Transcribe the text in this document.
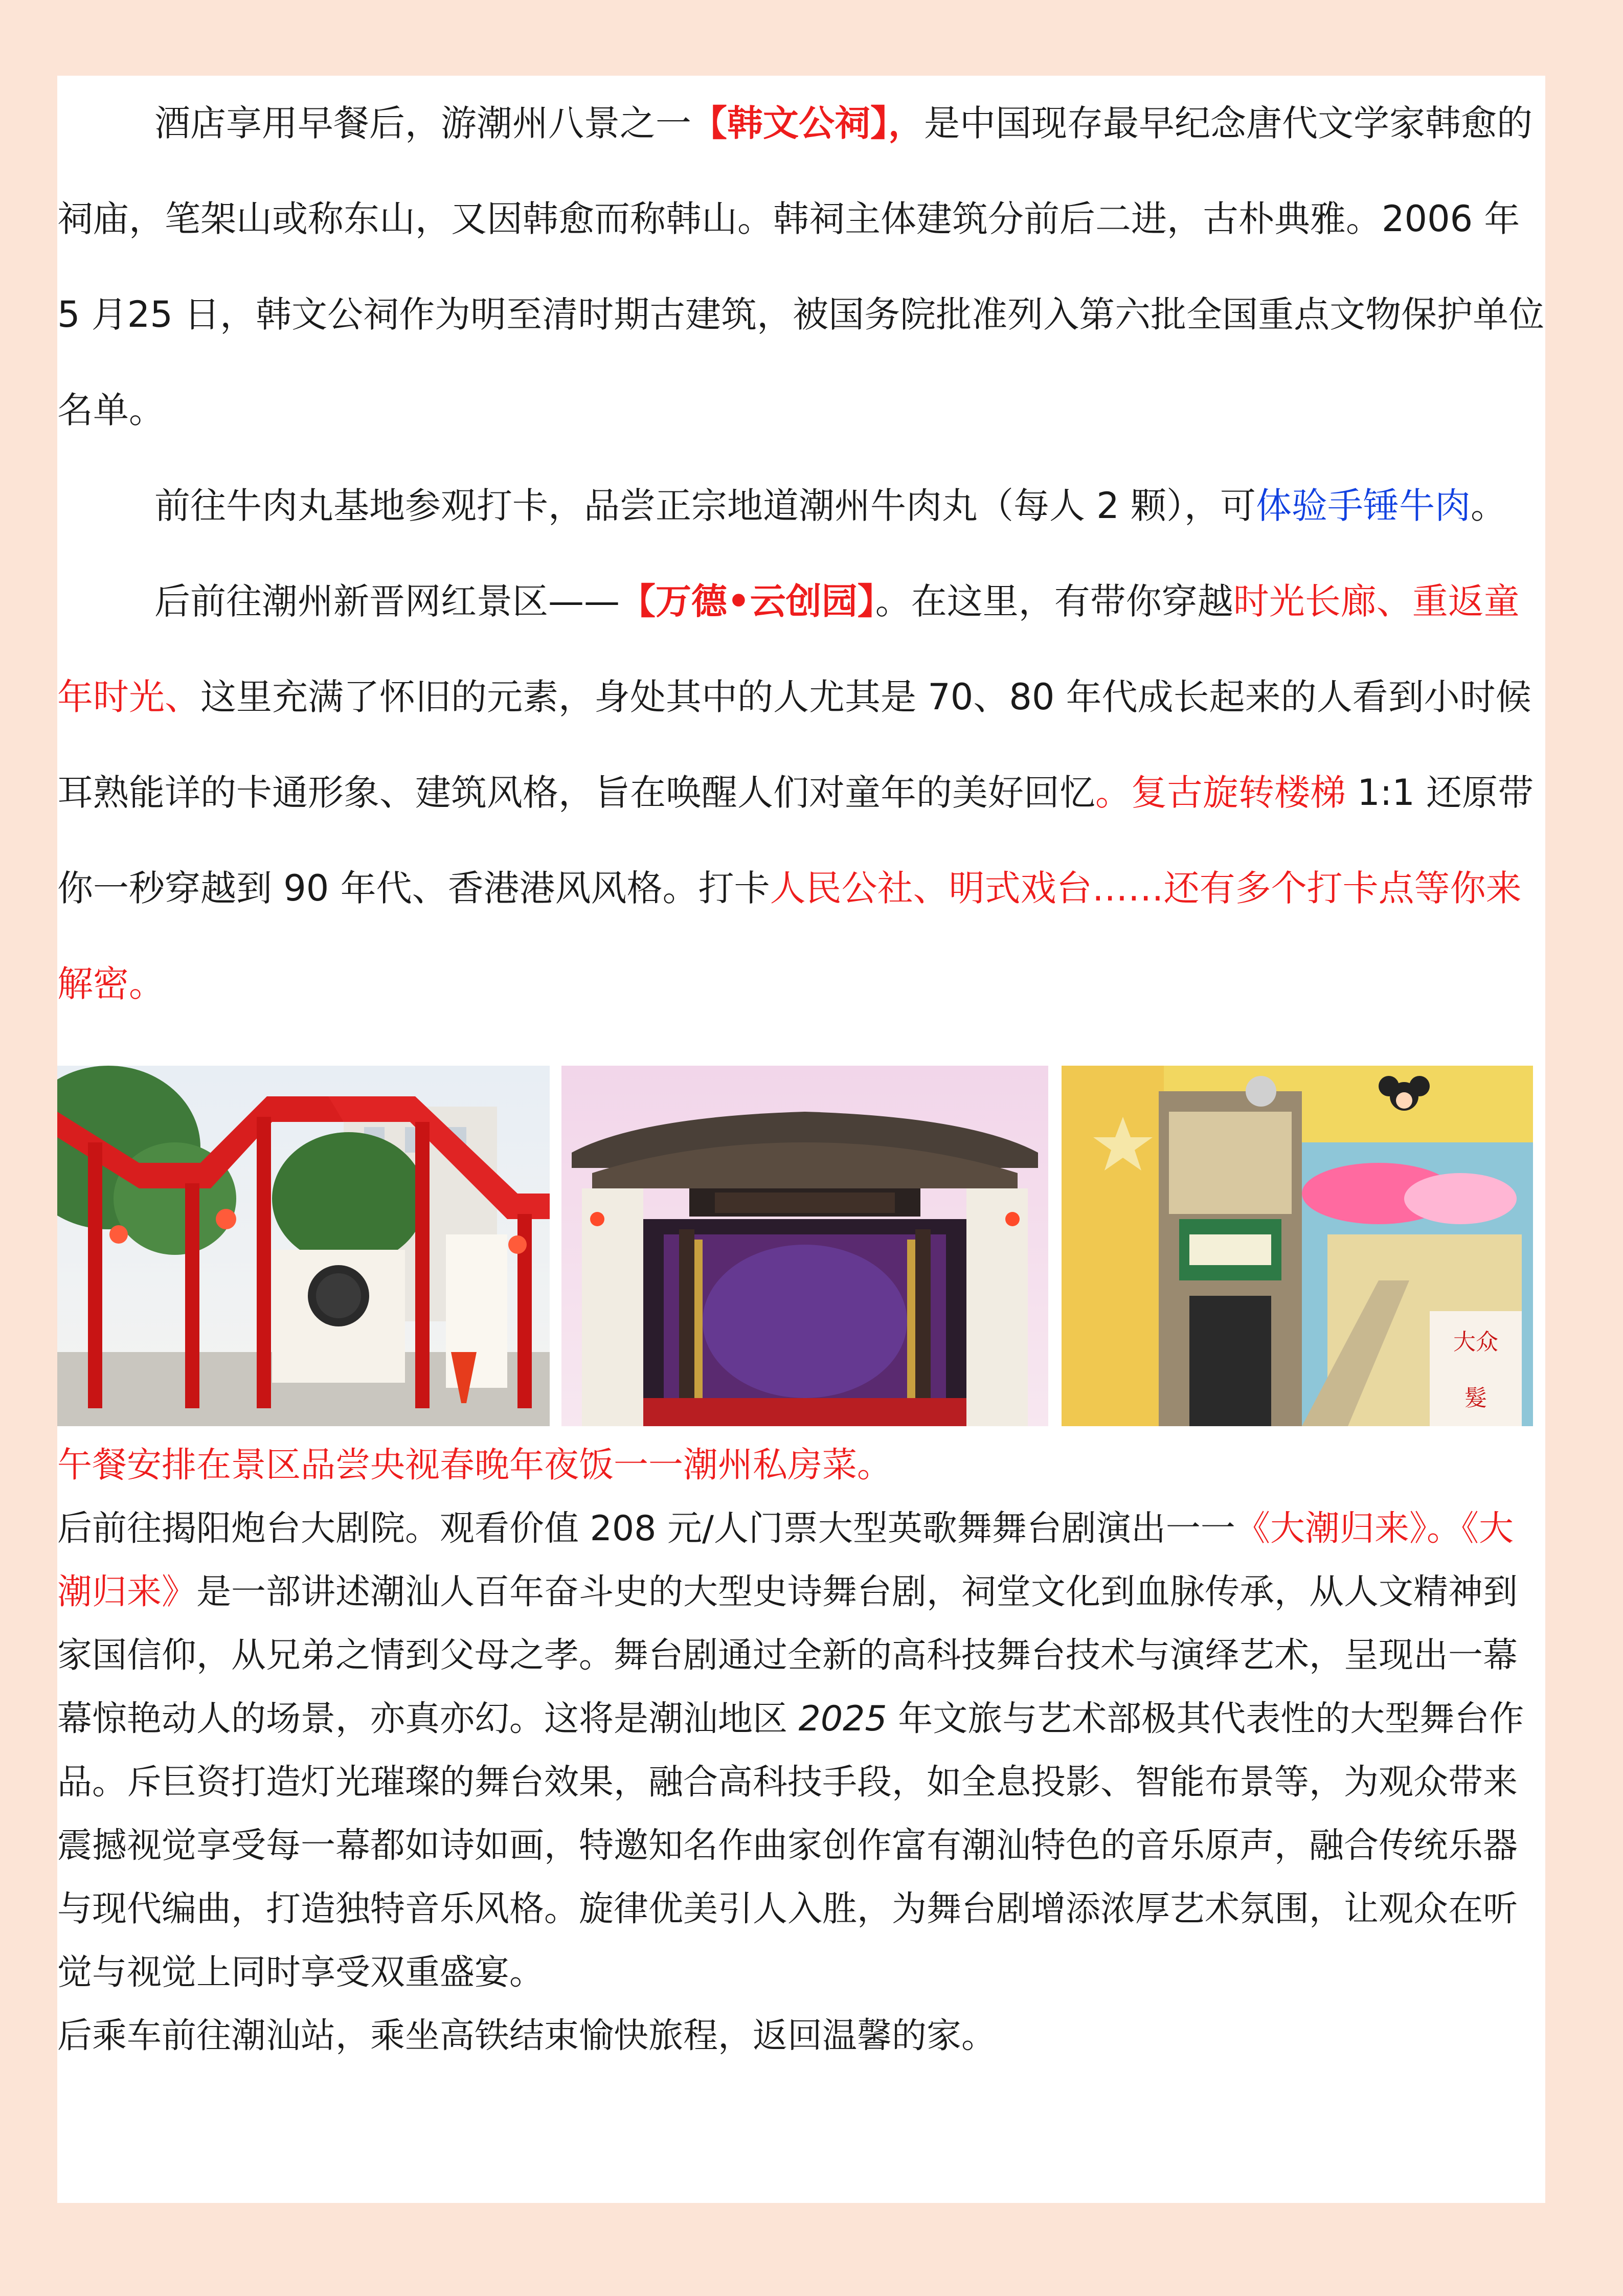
酒店享用早餐后，游潮州八景之一【韩文公祠】，是中国现存最早纪念唐代文学家韩愈的祠庙，笔架山或称东山，又因韩愈而称韩山。韩祠主体建筑分前后二进，古朴典雅。2006 年 5 月25 日，韩文公祠作为明至清时期古建筑，被国务院批准列入第六批全国重点文物保护单位名单。

前往牛肉丸基地参观打卡，品尝正宗地道潮州牛肉丸（每人 2 颗），可体验手锤牛肉。

后前往潮州新晋网红景区——【万德•云创园】。在这里，有带你穿越时光长廊、重返童年时光、这里充满了怀旧的元素，身处其中的人尤其是 70、80 年代成长起来的人看到小时候耳熟能详的卡通形象、建筑风格，旨在唤醒人们对童年的美好回忆。复古旋转楼梯 1:1 还原带你一秒穿越到 90 年代、香港港风风格。打卡人民公社、明式戏台……还有多个打卡点等你来解密。

大众
髮

午餐安排在景区品尝央视春晚年夜饭一一潮州私房菜。

后前往揭阳炮台大剧院。观看价值 208 元/人门票大型英歌舞舞台剧演出一一《大潮归来》。《大潮归来》是一部讲述潮汕人百年奋斗史的大型史诗舞台剧，祠堂文化到血脉传承，从人文精神到家国信仰，从兄弟之情到父母之孝。舞台剧通过全新的高科技舞台技术与演绎艺术，呈现出一幕幕惊艳动人的场景，亦真亦幻。这将是潮汕地区 2025 年文旅与艺术部极其代表性的大型舞台作品。斥巨资打造灯光璀璨的舞台效果，融合高科技手段，如全息投影、智能布景等，为观众带来震撼视觉享受每一幕都如诗如画，特邀知名作曲家创作富有潮汕特色的音乐原声，融合传统乐器与现代编曲，打造独特音乐风格。旋律优美引人入胜，为舞台剧增添浓厚艺术氛围，让观众在听觉与视觉上同时享受双重盛宴。

后乘车前往潮汕站，乘坐高铁结束愉快旅程，返回温馨的家。
